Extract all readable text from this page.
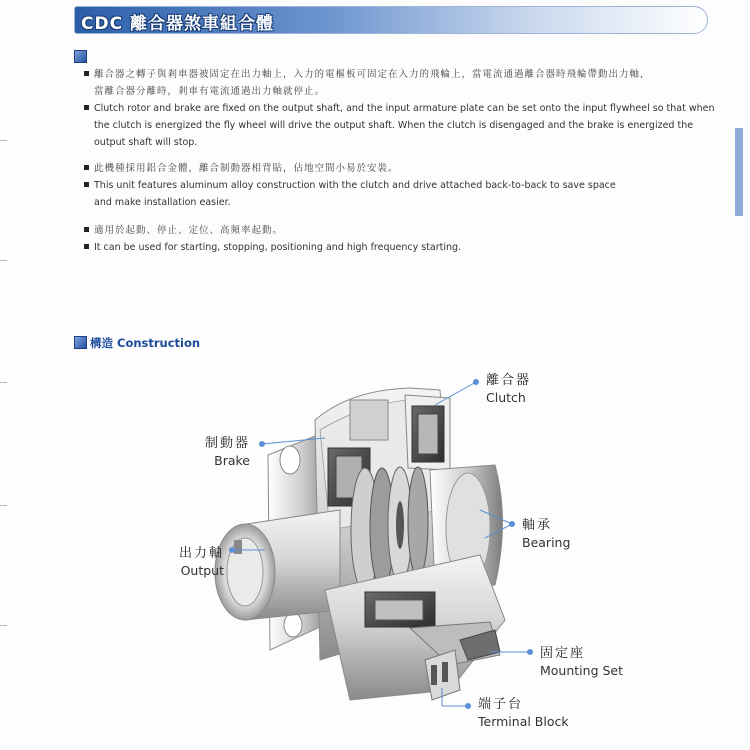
CDC 離合器煞車組合體
離合器之轉子與剎車器被固定在出力軸上，入力的電樞板可固定在入力的飛輪上，當電流通過離合器時飛輪帶動出力軸，
當離合器分離時，剎車有電流通過出力軸就停止。
Clutch rotor and brake are fixed on the output shaft, and the input armature plate can be set onto the input flywheel so that when
the clutch is energized the fly wheel will drive the output shaft. When the clutch is disengaged and the brake is energized the
output shaft will stop.
此機種採用鋁合金體，離合制動器相背貼，佔地空間小易於安裝。
This unit features aluminum alloy construction with the clutch and drive attached back-to-back to save space
and make installation easier.
適用於起動、停止、定位、高頻率起動。
It can be used for starting, stopping, positioning and high frequency starting.
構造 Construction
離合器
Clutch
制動器
Brake
軸承
Bearing
出力軸
Output
固定座
Mounting Set
端子台
Terminal Block
